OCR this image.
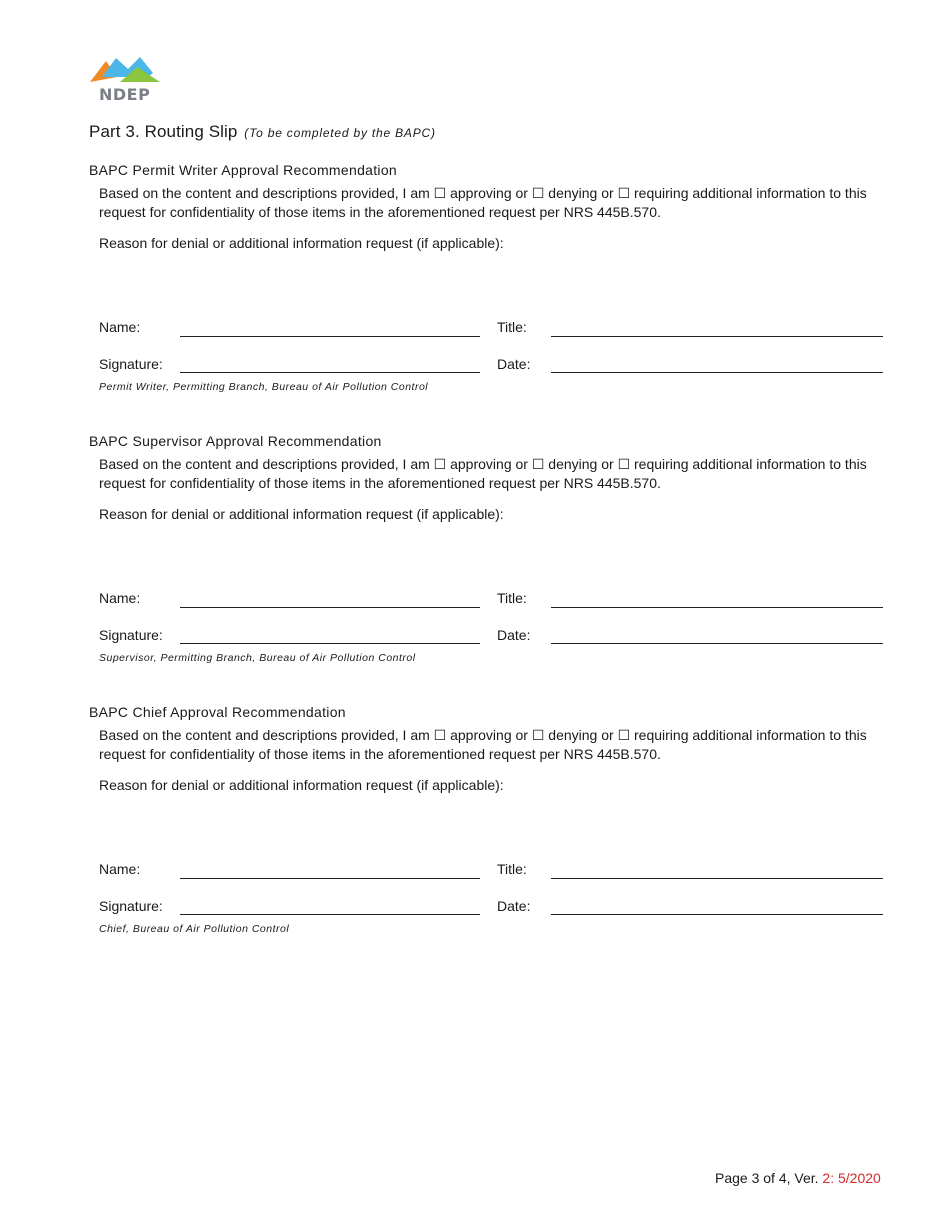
NDEP
Part 3. Routing Slip (To be completed by the BAPC)
BAPC Permit Writer Approval Recommendation
Based on the content and descriptions provided, I am ☐ approving or ☐ denying or ☐ requiring additional information to this request for confidentiality of those items in the aforementioned request per NRS 445B.570.
Reason for denial or additional information request (if applicable):
Name:	Title:
Signature:	Date:
Permit Writer, Permitting Branch, Bureau of Air Pollution Control
BAPC Supervisor Approval Recommendation
Based on the content and descriptions provided, I am ☐ approving or ☐ denying or ☐ requiring additional information to this request for confidentiality of those items in the aforementioned request per NRS 445B.570.
Reason for denial or additional information request (if applicable):
Name:	Title:
Signature:	Date:
Supervisor, Permitting Branch, Bureau of Air Pollution Control
BAPC Chief Approval Recommendation
Based on the content and descriptions provided, I am ☐ approving or ☐ denying or ☐ requiring additional information to this request for confidentiality of those items in the aforementioned request per NRS 445B.570.
Reason for denial or additional information request (if applicable):
Name:	Title:
Signature:	Date:
Chief, Bureau of Air Pollution Control
Page 3 of 4, Ver. 2: 5/2020
